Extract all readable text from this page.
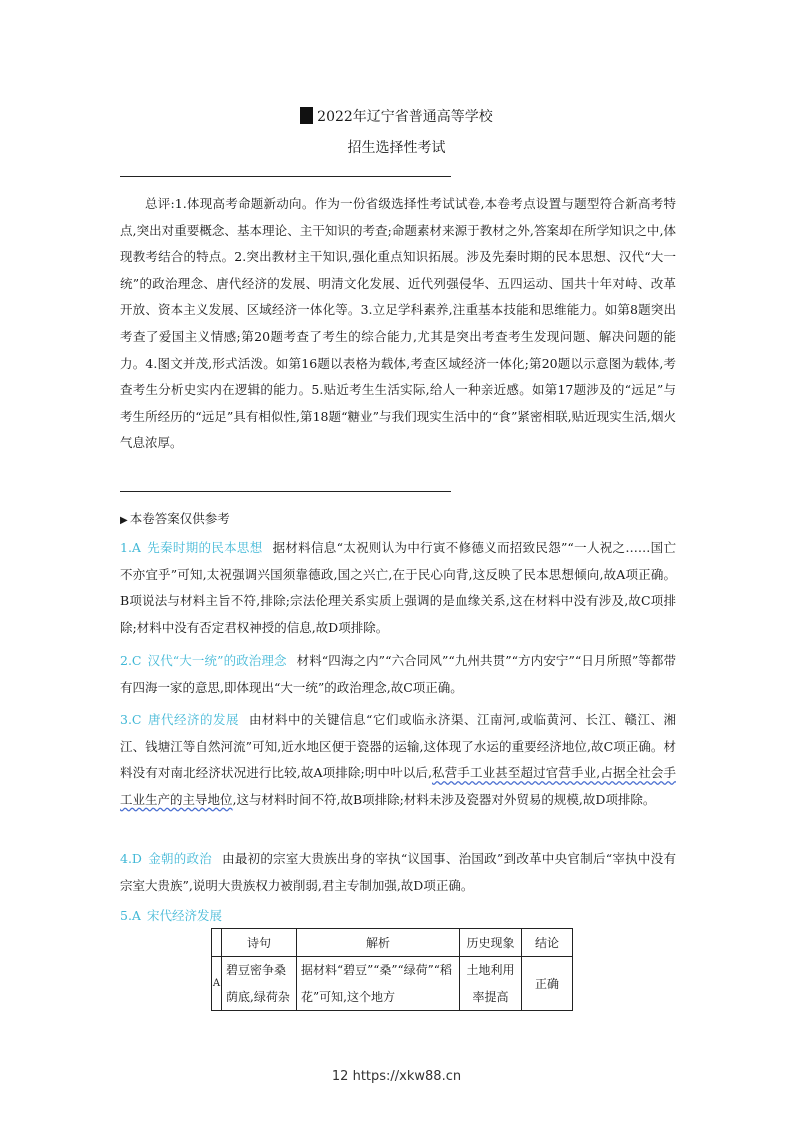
2022年辽宁省普通高等学校
招生选择性考试
总评:1.体现高考命题新动向。作为一份省级选择性考试试卷,本卷考点设置与题型符合新高考特点,突出对重要概念、基本理论、主干知识的考查;命题素材来源于教材之外,答案却在所学知识之中,体现教考结合的特点。2.突出教材主干知识,强化重点知识拓展。涉及先秦时期的民本思想、汉代“大一统”的政治理念、唐代经济的发展、明清文化发展、近代列强侵华、五四运动、国共十年对峙、改革开放、资本主义发展、区域经济一体化等。3.立足学科素养,注重基本技能和思维能力。如第8题突出考查了爱国主义情感;第20题考查了考生的综合能力,尤其是突出考查考生发现问题、解决问题的能力。4.图文并茂,形式活泼。如第16题以表格为载体,考查区域经济一体化;第20题以示意图为载体,考查考生分析史实内在逻辑的能力。5.贴近考生生活实际,给人一种亲近感。如第17题涉及的“远足”与考生所经历的“远足”具有相似性,第18题“糖业”与我们现实生活中的“食”紧密相联,贴近现实生活,烟火气息浓厚。
▶ 本卷答案仅供参考
1.A 先秦时期的民本思想 据材料信息“太祝则认为中行寅不修德义而招致民怨”“一人祝之……国亡不亦宜乎”可知,太祝强调兴国须靠德政,国之兴亡,在于民心向背,这反映了民本思想倾向,故A项正确。B项说法与材料主旨不符,排除;宗法伦理关系实质上强调的是血缘关系,这在材料中没有涉及,故C项排除;材料中没有否定君权神授的信息,故D项排除。
2.C 汉代“大一统”的政治理念 材料“四海之内”“六合同风”“九州共贯”“方内安宁”“日月所照”等都带有四海一家的意思,即体现出“大一统”的政治理念,故C项正确。
3.C 唐代经济的发展 由材料中的关键信息“它们或临永济渠、江南河,或临黄河、长江、赣江、湘江、钱塘江等自然河流”可知,近水地区便于瓷器的运输,这体现了水运的重要经济地位,故C项正确。材料没有对南北经济状况进行比较,故A项排除;明中叶以后,私营手工业甚至超过官营手业,占据全社会手工业生产的主导地位,这与材料时间不符,故B项排除;材料未涉及瓷器对外贸易的规模,故D项排除。
4.D 金朝的政治 由最初的宗室大贵族出身的宰执“议国事、治国政”到改革中央官制后“宰执中没有宗室大贵族”,说明大贵族权力被削弱,君主专制加强,故D项正确。
5.A 宋代经济发展
	诗句	解析	历史现象	结论
A	碧豆密争桑荫底,绿荷杂	据材料“碧豆”“桑”“绿荷”“稻花”可知,这个地方	土地利用率提高	正确
12 https://xkw88.cn
